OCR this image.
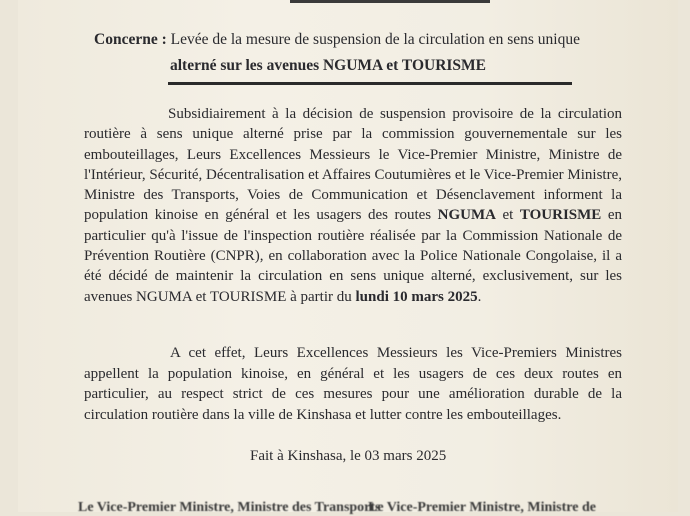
Concerne : Levée de la mesure de suspension de la circulation en sens unique
alterné sur les avenues NGUMA et TOURISME
Subsidiairement à la décision de suspension provisoire de la circulation routière à sens unique alterné prise par la commission gouvernementale sur les embouteillages, Leurs Excellences Messieurs le Vice-Premier Ministre, Ministre de l'Intérieur, Sécurité, Décentralisation et Affaires Coutumières et le Vice-Premier Ministre, Ministre des Transports, Voies de Communication et Désenclavement informent la population kinoise en général et les usagers des routes NGUMA et TOURISME en particulier qu'à l'issue de l'inspection routière réalisée par la Commission Nationale de Prévention Routière (CNPR), en collaboration avec la Police Nationale Congolaise, il a été décidé de maintenir la circulation en sens unique alterné, exclusivement, sur les avenues NGUMA et TOURISME à partir du lundi 10 mars 2025.
A cet effet, Leurs Excellences Messieurs les Vice-Premiers Ministres appellent la population kinoise, en général et les usagers de ces deux routes en particulier, au respect strict de ces mesures pour une amélioration durable de la circulation routière dans la ville de Kinshasa et lutter contre les embouteillages.
Fait à Kinshasa, le 03 mars 2025
Le Vice-Premier Ministre, Ministre des Transports
Le Vice-Premier Ministre, Ministre de
